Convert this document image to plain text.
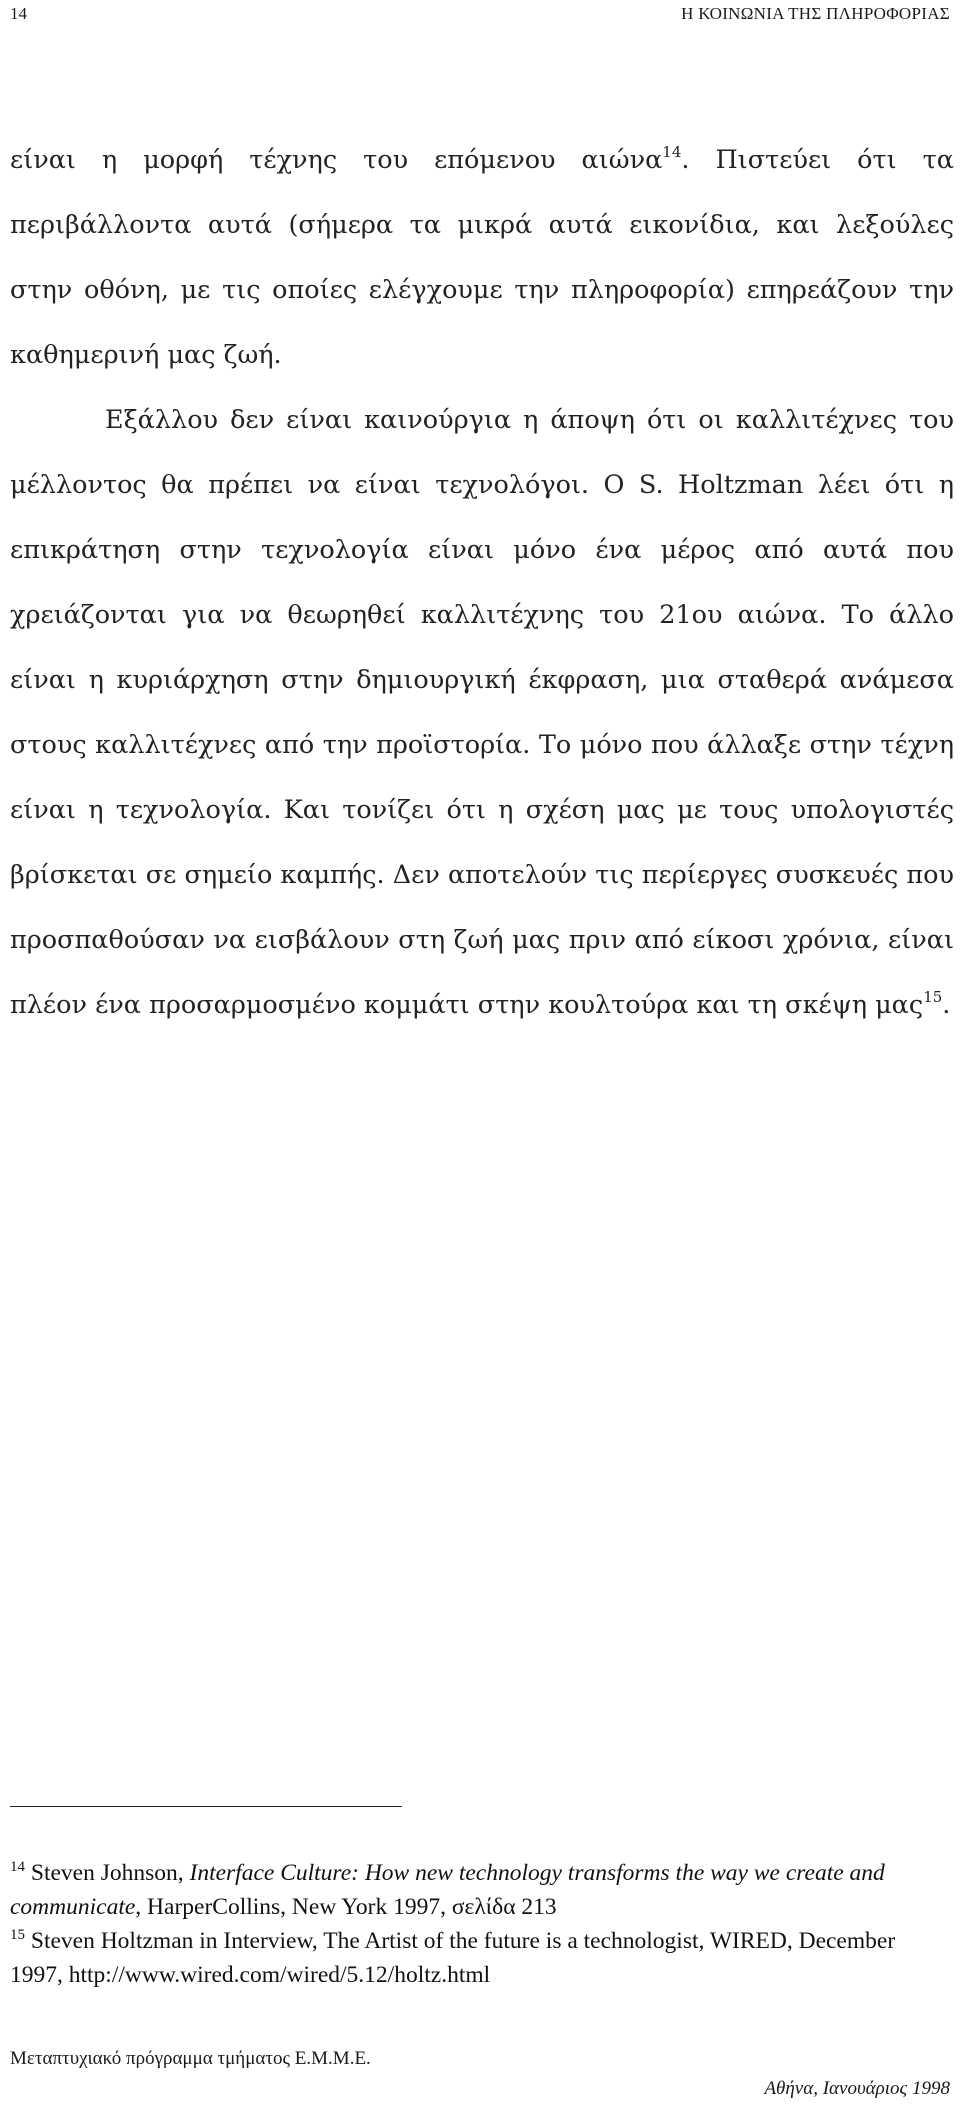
14	Η ΚΟΙΝΩΝΙΑ ΤΗΣ ΠΛΗΡΟΦΟΡΙΑΣ

είναι η μορφή τέχνης του επόμενου αιώνα$^{14}$. Πιστεύει ότι τα περιβάλλοντα αυτά (σήμερα τα μικρά αυτά εικονίδια, και λεξούλες στην οθόνη, με τις οποίες ελέγχουμε την πληροφορία) επηρεάζουν την καθημερινή μας ζωή.

Εξάλλου δεν είναι καινούργια η άποψη ότι οι καλλιτέχνες του μέλλοντος θα πρέπει να είναι τεχνολόγοι. Ο S. Holtzman λέει ότι η επικράτηση στην τεχνολογία είναι μόνο ένα μέρος από αυτά που χρειάζονται για να θεωρηθεί καλλιτέχνης του 21ου αιώνα. Το άλλο είναι η κυριάρχηση στην δημιουργική έκφραση, μια σταθερά ανάμεσα στους καλλιτέχνες από την προϊστορία. Το μόνο που άλλαξε στην τέχνη είναι η τεχνολογία. Και τονίζει ότι η σχέση μας με τους υπολογιστές βρίσκεται σε σημείο καμπής. Δεν αποτελούν τις περίεργες συσκευές που προσπαθούσαν να εισβάλουν στη ζωή μας πριν από είκοσι χρόνια, είναι πλέον ένα προσαρμοσμένο κομμάτι στην κουλτούρα και τη σκέψη μας$^{15}$.

$^{14}$ Steven Johnson, Interface Culture: How new technology transforms the way we create and communicate, HarperCollins, New York 1997, σελίδα 213

$^{15}$ Steven Holtzman in Interview, The Artist of the future is a technologist, WIRED, December 1997, http://www.wired.com/wired/5.12/holtz.html

Μεταπτυχιακό πρόγραμμα τμήματος Ε.Μ.Μ.Ε.
Αθήνα, Ιανουάριος 1998
